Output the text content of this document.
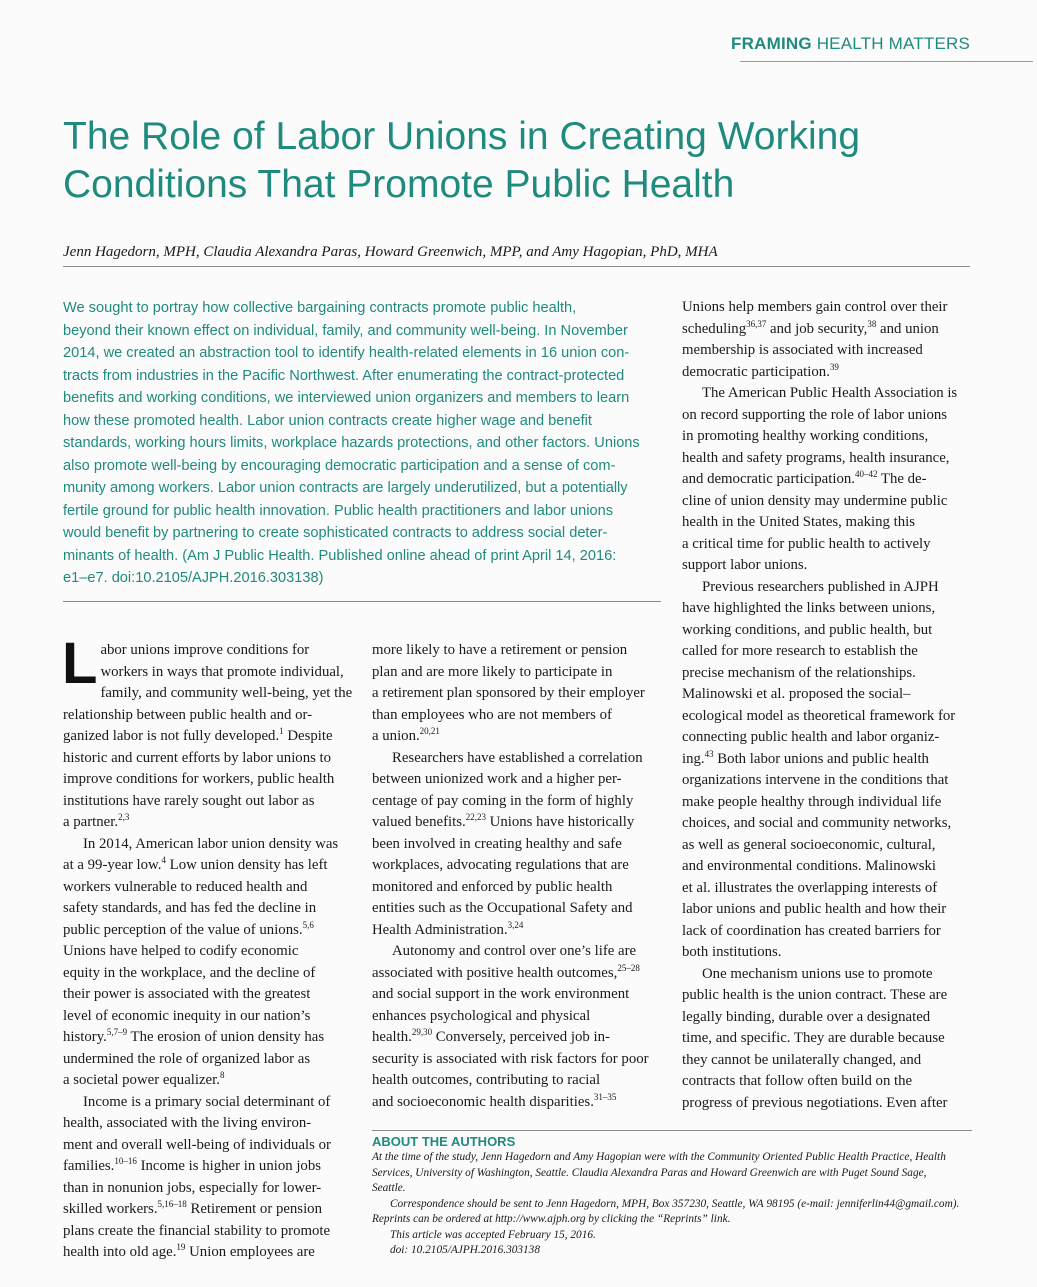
FRAMING HEALTH MATTERS
The Role of Labor Unions in Creating Working
Conditions That Promote Public Health
Jenn Hagedorn, MPH, Claudia Alexandra Paras, Howard Greenwich, MPP, and Amy Hagopian, PhD, MHA
We sought to portray how collective bargaining contracts promote public health,
beyond their known effect on individual, family, and community well-being. In November
2014, we created an abstraction tool to identify health-related elements in 16 union con-
tracts from industries in the Pacific Northwest. After enumerating the contract-protected
benefits and working conditions, we interviewed union organizers and members to learn
how these promoted health. Labor union contracts create higher wage and benefit
standards, working hours limits, workplace hazards protections, and other factors. Unions
also promote well-being by encouraging democratic participation and a sense of com-
munity among workers. Labor union contracts are largely underutilized, but a potentially
fertile ground for public health innovation. Public health practitioners and labor unions
would benefit by partnering to create sophisticated contracts to address social deter-
minants of health. (Am J Public Health. Published online ahead of print April 14, 2016:
e1–e7. doi:10.2105/AJPH.2016.303138)
L abor unions improve conditions for
workers in ways that promote individual,
family, and community well-being, yet the
relationship between public health and or-
ganized labor is not fully developed.$^1$ Despite
historic and current efforts by labor unions to
improve conditions for workers, public health
institutions have rarely sought out labor as
a partner.$^{2,3}$
In 2014, American labor union density was
at a 99-year low.$^4$ Low union density has left
workers vulnerable to reduced health and
safety standards, and has fed the decline in
public perception of the value of unions.$^{5,6}$
Unions have helped to codify economic
equity in the workplace, and the decline of
their power is associated with the greatest
level of economic inequity in our nation’s
history.$^{5,7-9}$ The erosion of union density has
undermined the role of organized labor as
a societal power equalizer.$^8$
Income is a primary social determinant of
health, associated with the living environ-
ment and overall well-being of individuals or
families.$^{10-16}$ Income is higher in union jobs
than in nonunion jobs, especially for lower-
skilled workers.$^{5,16-18}$ Retirement or pension
plans create the financial stability to promote
health into old age.$^{19}$ Union employees are
more likely to have a retirement or pension
plan and are more likely to participate in
a retirement plan sponsored by their employer
than employees who are not members of
a union.$^{20,21}$
Researchers have established a correlation
between unionized work and a higher per-
centage of pay coming in the form of highly
valued benefits.$^{22,23}$ Unions have historically
been involved in creating healthy and safe
workplaces, advocating regulations that are
monitored and enforced by public health
entities such as the Occupational Safety and
Health Administration.$^{3,24}$
Autonomy and control over one’s life are
associated with positive health outcomes,$^{25-28}$
and social support in the work environment
enhances psychological and physical
health.$^{29,30}$ Conversely, perceived job in-
security is associated with risk factors for poor
health outcomes, contributing to racial
and socioeconomic health disparities.$^{31-35}$
Unions help members gain control over their
scheduling$^{36,37}$ and job security,$^{38}$ and union
membership is associated with increased
democratic participation.$^{39}$
The American Public Health Association is
on record supporting the role of labor unions
in promoting healthy working conditions,
health and safety programs, health insurance,
and democratic participation.$^{40-42}$ The de-
cline of union density may undermine public
health in the United States, making this
a critical time for public health to actively
support labor unions.
Previous researchers published in AJPH
have highlighted the links between unions,
working conditions, and public health, but
called for more research to establish the
precise mechanism of the relationships.
Malinowski et al. proposed the social–
ecological model as theoretical framework for
connecting public health and labor organiz-
ing.$^{43}$ Both labor unions and public health
organizations intervene in the conditions that
make people healthy through individual life
choices, and social and community networks,
as well as general socioeconomic, cultural,
and environmental conditions. Malinowski
et al. illustrates the overlapping interests of
labor unions and public health and how their
lack of coordination has created barriers for
both institutions.
One mechanism unions use to promote
public health is the union contract. These are
legally binding, durable over a designated
time, and specific. They are durable because
they cannot be unilaterally changed, and
contracts that follow often build on the
progress of previous negotiations. Even after
ABOUT THE AUTHORS
At the time of the study, Jenn Hagedorn and Amy Hagopian were with the Community Oriented Public Health Practice, Health
Services, University of Washington, Seattle. Claudia Alexandra Paras and Howard Greenwich are with Puget Sound Sage,
Seattle.
Correspondence should be sent to Jenn Hagedorn, MPH, Box 357230, Seattle, WA 98195 (e-mail: jenniferlin44@gmail.com).
Reprints can be ordered at http://www.ajph.org by clicking the “Reprints” link.
This article was accepted February 15, 2016.
doi: 10.2105/AJPH.2016.303138
